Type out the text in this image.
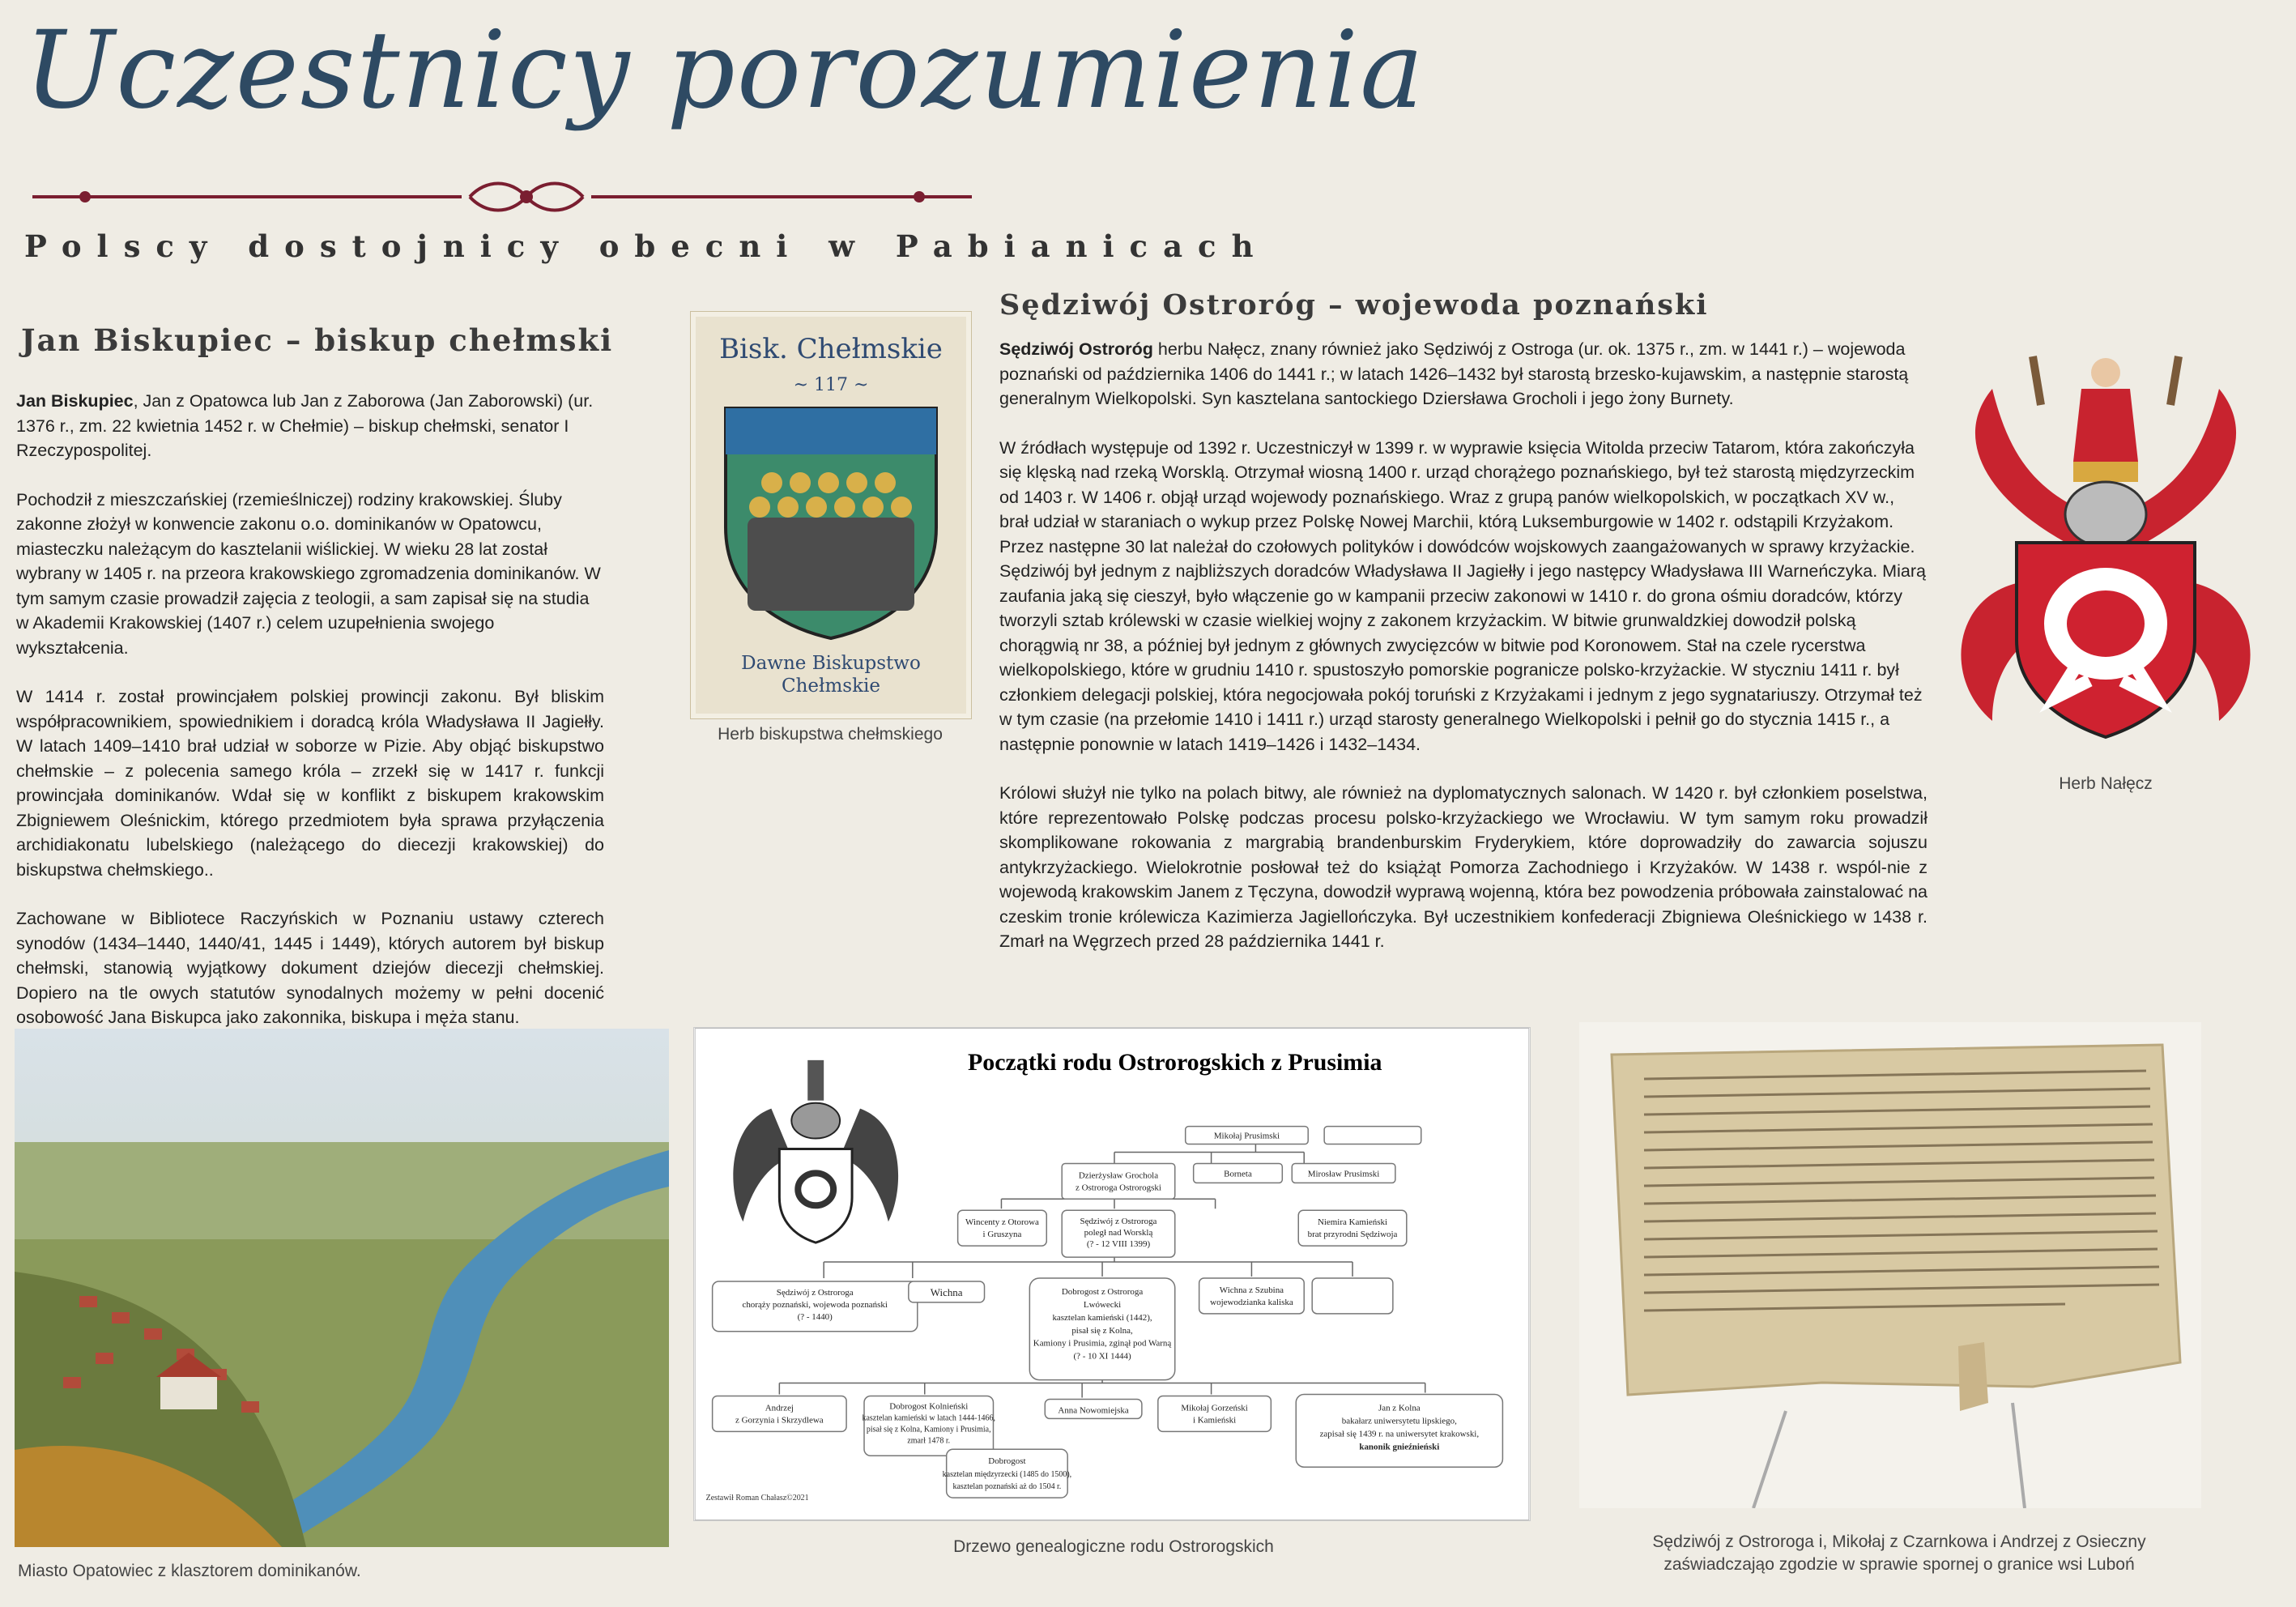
Uczestnicy porozumienia
Polscy dostojnicy obecni w Pabianicach
Jan Biskupiec – biskup chełmski

Jan Biskupiec, Jan z Opatowca lub Jan z Zaborowa (Jan Zaborowski) (ur. 1376 r., zm. 22 kwietnia 1452 r. w Chełmie) – biskup chełmski, senator I Rzeczypospolitej.

Pochodził z mieszczańskiej (rzemieślniczej) rodziny krakowskiej. Śluby zakonne złożył w konwencie zakonu o.o. dominikanów w Opatowcu, miasteczku należącym do kasztelanii wiślickiej. W wieku 28 lat został wybrany w 1405 r. na przeora krakowskiego zgromadzenia dominikanów. W tym samym czasie prowadził zajęcia z teologii, a sam zapisał się na studia w Akademii Krakowskiej (1407 r.) celem uzupełnienia swojego wykształcenia.

W 1414 r. został prowincjałem polskiej prowincji zakonu. Był bliskim współpracownikiem, spowiednikiem i doradcą króla Władysława II Jagiełły. W latach 1409–1410 brał udział w soborze w Pizie. Aby objąć biskupstwo chełmskie – z polecenia samego króla – zrzekł się w 1417 r. funkcji prowincjała dominikanów. Wdał się w konflikt z biskupem krakowskim Zbigniewem Oleśnickim, którego przedmiotem była sprawa przyłączenia archidiakonatu lubelskiego (należącego do diecezji krakowskiej) do biskupstwa chełmskiego..

Zachowane w Bibliotece Raczyńskich w Poznaniu ustawy czterech synodów (1434–1440, 1440/41, 1445 i 1449), których autorem był biskup chełmski, stanowią wyjątkowy dokument dziejów diecezji chełmskiej. Dopiero na tle owych statutów synodalnych możemy w pełni docenić osobowość Jana Biskupca jako zakonnika, biskupa i męża stanu.

Bisk. Chełmskie
~ 117 ~
Dawne Biskupstwo
Chełmskie
Herb biskupstwa chełmskiego
Sędziwój Ostroróg – wojewoda poznański

Sędziwój Ostroróg herbu Nałęcz, znany również jako Sędziwój z Ostroga (ur. ok. 1375 r., zm. w 1441 r.) – wojewoda poznański od października 1406 do 1441 r.; w latach 1426–1432 był starostą brzesko-kujawskim, a następnie starostą generalnym Wielkopolski. Syn kasztelana santockiego Dziersława Grocholi i jego żony Burnety.

W źródłach występuje od 1392 r. Uczestniczył w 1399 r. w wyprawie księcia Witolda przeciw Tatarom, która zakończyła się klęską nad rzeką Worsklą. Otrzymał wiosną 1400 r. urząd chorążego poznańskiego, był też starostą międzyrzeckim od 1403 r. W 1406 r. objął urząd wojewody poznańskiego. Wraz z grupą panów wielkopolskich, w początkach XV w., brał udział w staraniach o wykup przez Polskę Nowej Marchii, którą Luksemburgowie w 1402 r. odstąpili Krzyżakom. Przez następne 30 lat należał do czołowych polityków i dowódców wojskowych zaangażowanych w sprawy krzyżackie. Sędziwój był jednym z najbliższych doradców Władysława II Jagiełły i jego następcy Władysława III Warneńczyka. Miarą zaufania jaką się cieszył, było włączenie go w kampanii przeciw zakonowi w 1410 r. do grona ośmiu doradców, którzy tworzyli sztab królewski w czasie wielkiej wojny z zakonem krzyżackim. W bitwie grunwaldzkiej dowodził polską chorągwią nr 38, a później był jednym z głównych zwycięzców w bitwie pod Koronowem. Stał na czele rycerstwa wielkopolskiego, które w grudniu 1410 r. spustoszyło pomorskie pogranicze polsko-krzyżackie. W styczniu 1411 r. był członkiem delegacji polskiej, która negocjowała pokój toruński z Krzyżakami i jednym z jego sygnatariuszy. Otrzymał też w tym czasie (na przełomie 1410 i 1411 r.) urząd starosty generalnego Wielkopolski i pełnił go do stycznia 1415 r., a następnie ponownie w latach 1419–1426 i 1432–1434.

Królowi służył nie tylko na polach bitwy, ale również na dyplomatycznych salonach. W 1420 r. był członkiem poselstwa, które reprezentowało Polskę podczas procesu polsko-krzyżackiego we Wrocławiu. W tym samym roku prowadził skomplikowane rokowania z margrabią brandenburskim Fryderykiem, które doprowadziły do zawarcia sojuszu antykrzyżackiego. Wielokrotnie posłował też do książąt Pomorza Zachodniego i Krzyżaków. W 1438 r. wspól-nie z wojewodą krakowskim Janem z Tęczyna, dowodził wyprawą wojenną, która bez powodzenia próbowała zainstalować na czeskim tronie królewicza Kazimierza Jagiellończyka. Był uczestnikiem konfederacji Zbigniewa Oleśnickiego w 1438 r. Zmarł na Węgrzech przed 28 października 1441 r.

Herb Nałęcz
Miasto Opatowiec z klasztorem dominikanów.
Początki rodu Ostrorogskich z Prusimia
Mikołaj Prusimski
Dzierżysław Grochola
z Ostroroga Ostrorogski
Borneta	Mirosław Prusimski
Wincenty z Otorowa
i Gruszyna
Sędziwój z Ostroroga
poległ nad Worsklą
(? - 12 VIII 1399)
Niemira Kamieński
brat przyrodni Sędziwoja
Sędziwój z Ostroroga
chorąży poznański, wojewoda poznański
(? - 1440)
Wichna	Dobrogost z Ostroroga
Lwówecki
kasztelan kamieński (1442),
pisał się z Kolna,
Kamiony i Prusimia, zginął pod Warną
(? - 10 XI 1444)
Wichna z Szubina
wojewodzianka kaliska
Andrzej
z Gorzynia i Skrzydlewa
Dobrogost Kolnieński
kasztelan kamieński w latach 1444-1466,
pisał się z Kolna, Kamiony i Prusimia,
zmarł 1478 r.
Anna Nowomiejska	Mikołaj Gorzeński
i Kamieński
Jan z Kolna
bakałarz uniwersytetu lipskiego,
zapisał się 1439 r. na uniwersytet krakowski,
kanonik gnieźnieński
Dobrogost
kasztelan międzyrzecki (1485 do 1500),
kasztelan poznański aż do 1504 r.
Zestawił Roman Chałasz©2021
Drzewo genealogiczne rodu Ostrorogskich	Sędziwój z Ostroroga i, Mikołaj z Czarnkowa i Andrzej z Osieczny
zaświadczająo zgodzie w sprawie spornej o granice wsi Luboń
